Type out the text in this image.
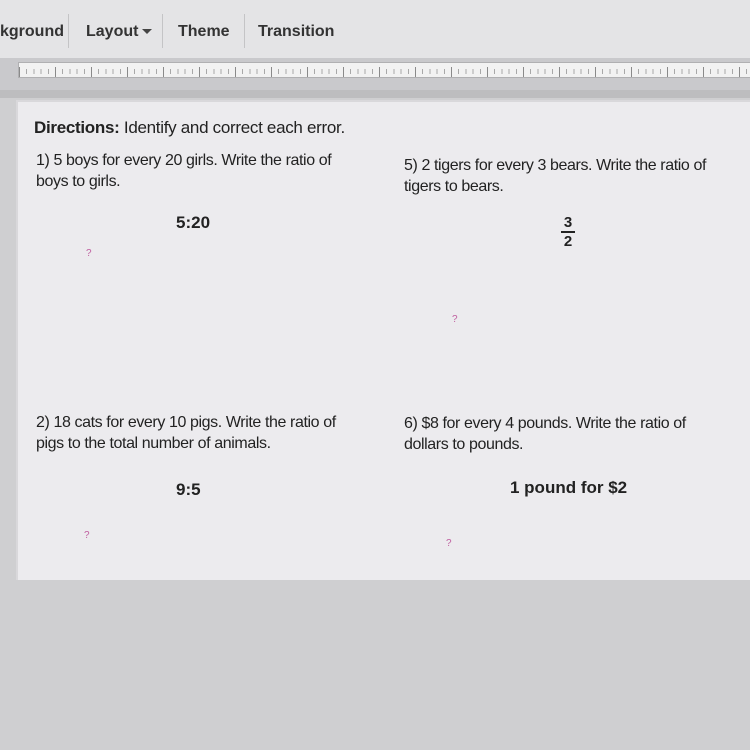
kground Layout	Theme Transition
Directions: Identify and correct each error.
1) 5 boys for every 20 girls. Write the ratio of boys to girls.
5:20
?
5) 2 tigers for every 3 bears. Write the ratio of tigers to bears.
3
2
?
2) 18 cats for every 10 pigs. Write the ratio of pigs to the total number of animals.
9:5
?
6) $8 for every 4 pounds. Write the ratio of dollars to pounds.
1 pound for $2
?
